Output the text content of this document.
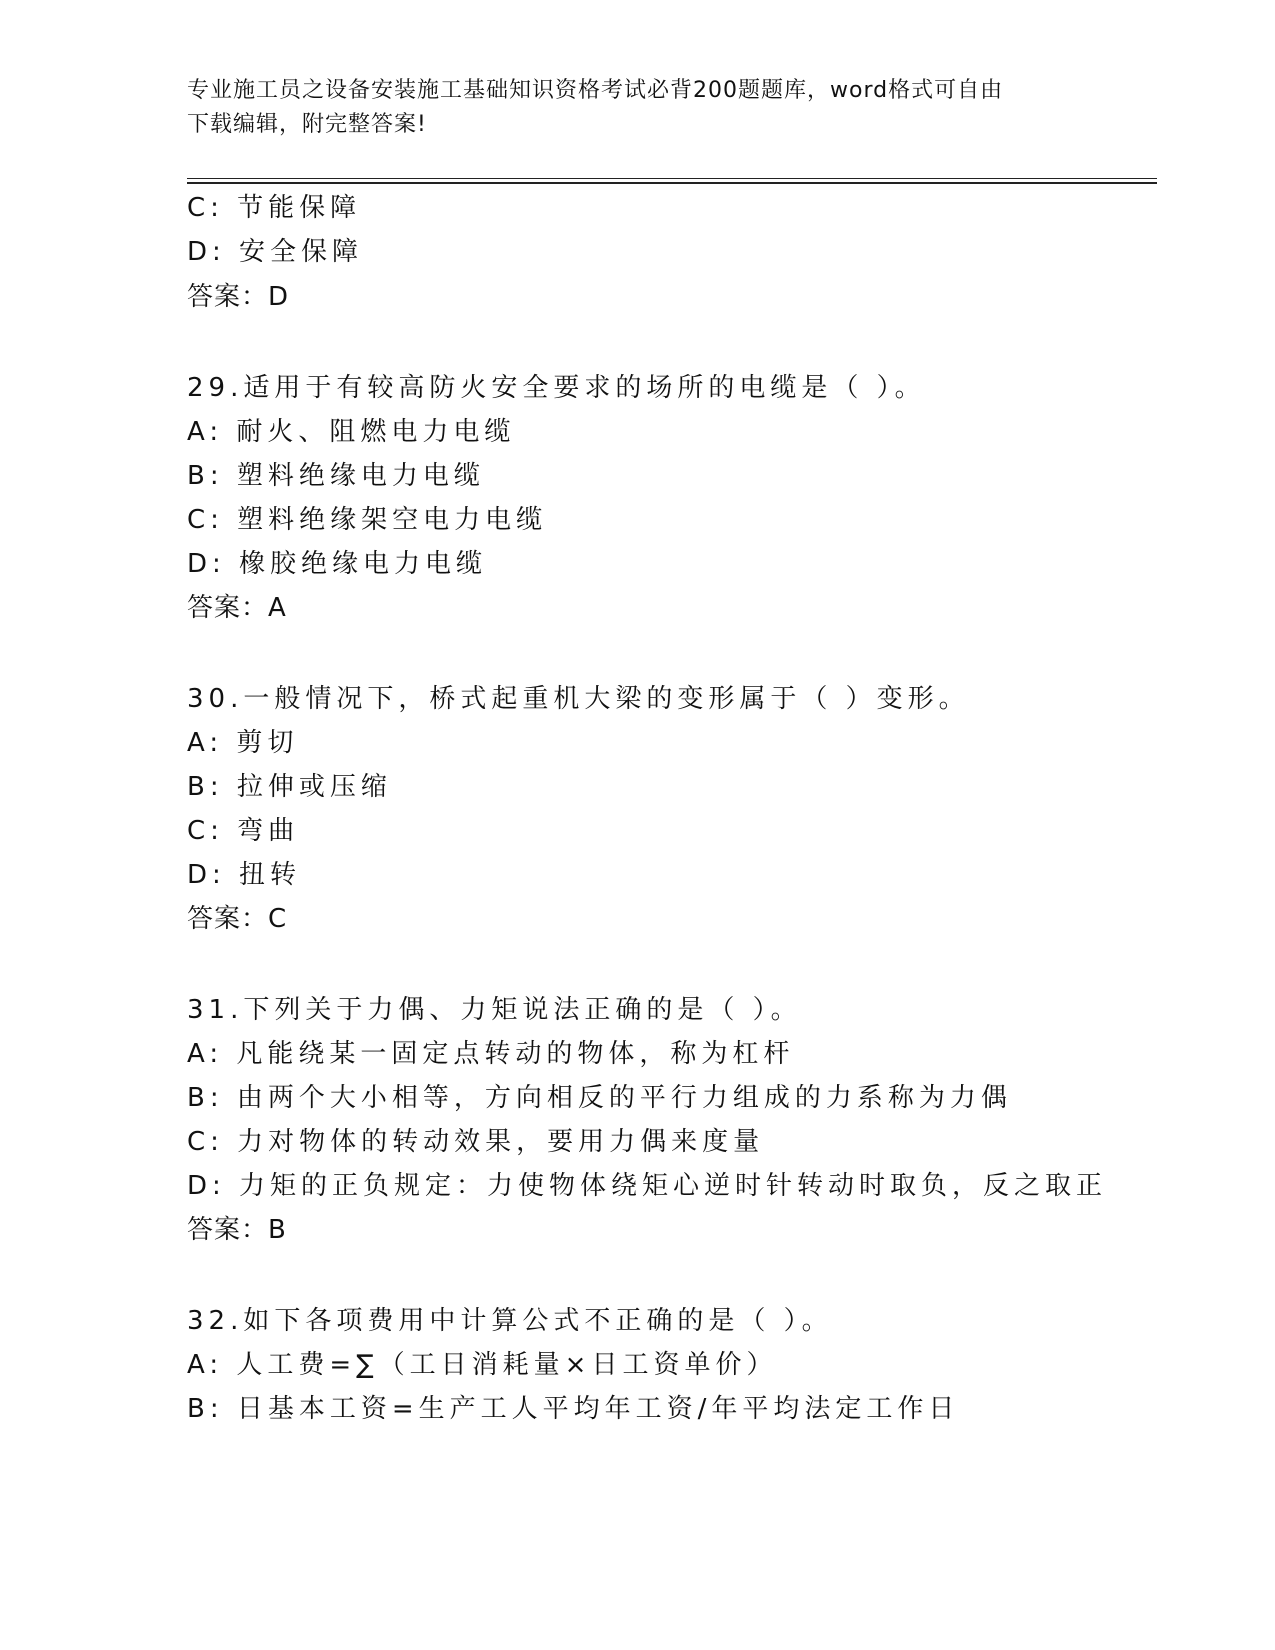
专业施工员之设备安装施工基础知识资格考试必背200题题库，word格式可自由
下载编辑，附完整答案!
C: 节能保障
D: 安全保障
答案：D
29.适用于有较高防火安全要求的场所的电缆是（ ）。
A: 耐火、阻燃电力电缆
B: 塑料绝缘电力电缆
C: 塑料绝缘架空电力电缆
D: 橡胶绝缘电力电缆
答案：A
30.一般情况下，桥式起重机大梁的变形属于（ ）变形。
A: 剪切
B: 拉伸或压缩
C: 弯曲
D: 扭转
答案：C
31.下列关于力偶、力矩说法正确的是（ ）。
A: 凡能绕某一固定点转动的物体，称为杠杆
B: 由两个大小相等，方向相反的平行力组成的力系称为力偶
C: 力对物体的转动效果，要用力偶来度量
D: 力矩的正负规定：力使物体绕矩心逆时针转动时取负，反之取正
答案：B
32.如下各项费用中计算公式不正确的是（ ）。
A: 人工费=∑（工日消耗量×日工资单价）
B: 日基本工资=生产工人平均年工资/年平均法定工作日
